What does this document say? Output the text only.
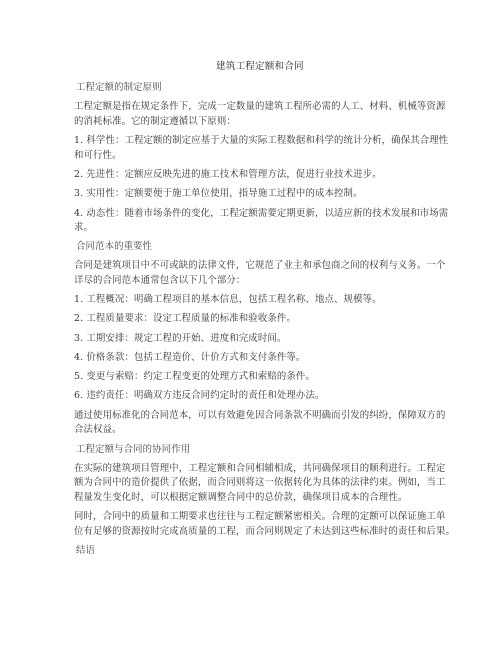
建筑工程定额和合同
工程定额的制定原则
工程定额是指在规定条件下，完成一定数量的建筑工程所必需的人工、材料、机械等资源
的消耗标准。它的制定遵循以下原则：
1. 科学性：工程定额的制定应基于大量的实际工程数据和科学的统计分析，确保其合理性
和可行性。
2. 先进性：定额应反映先进的施工技术和管理方法，促进行业技术进步。
3. 实用性：定额要便于施工单位使用，指导施工过程中的成本控制。
4. 动态性：随着市场条件的变化，工程定额需要定期更新，以适应新的技术发展和市场需
求。
合同范本的重要性
合同是建筑项目中不可或缺的法律文件，它规范了业主和承包商之间的权利与义务。一个
详尽的合同范本通常包含以下几个部分：
1. 工程概况：明确工程项目的基本信息，包括工程名称、地点、规模等。
2. 工程质量要求：设定工程质量的标准和验收条件。
3. 工期安排：规定工程的开始、进度和完成时间。
4. 价格条款：包括工程造价、计价方式和支付条件等。
5. 变更与索赔：约定工程变更的处理方式和索赔的条件。
6. 违约责任：明确双方违反合同约定时的责任和处理办法。
通过使用标准化的合同范本，可以有效避免因合同条款不明确而引发的纠纷，保障双方的
合法权益。
工程定额与合同的协同作用
在实际的建筑项目管理中，工程定额和合同相辅相成，共同确保项目的顺利进行。工程定
额为合同中的造价提供了依据，而合同则将这一依据转化为具体的法律约束。例如，当工
程量发生变化时，可以根据定额调整合同中的总价款，确保项目成本的合理性。
同时，合同中的质量和工期要求也往往与工程定额紧密相关。合理的定额可以保证施工单
位有足够的资源按时完成高质量的工程，而合同则规定了未达到这些标准时的责任和后果。
结语
